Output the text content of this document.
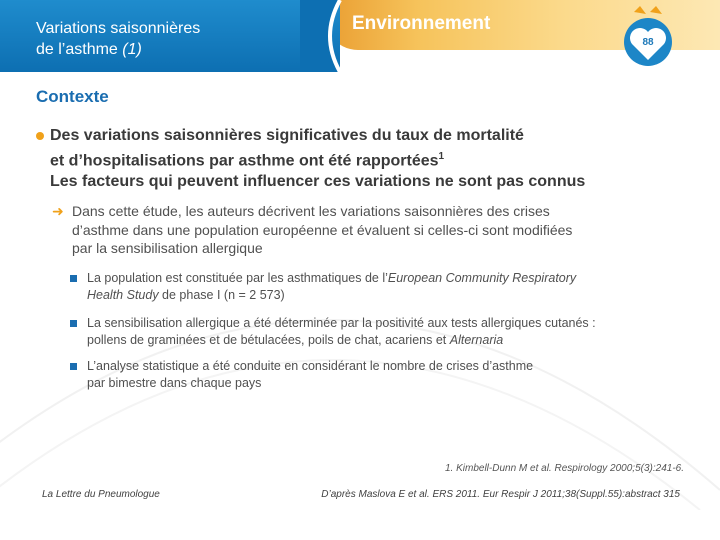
Variations saisonnières
de l’asthme (1)
Environnement
88
Contexte
Des variations saisonnières significatives du taux de mortalité
et d’hospitalisations par asthme ont été rapportées$^1$
Les facteurs qui peuvent influencer ces variations ne sont pas connus
➜ Dans cette étude, les auteurs décrivent les variations saisonnières des crises
d’asthme dans une population européenne et évaluent si celles-ci sont modifiées
par la sensibilisation allergique
La population est constituée par les asthmatiques de l’European Community Respiratory
Health Study de phase I (n = 2 573)
La sensibilisation allergique a été déterminée par la positivité aux tests allergiques cutanés :
pollens de graminées et de bétulacées, poils de chat, acariens et Alternaria
L’analyse statistique a été conduite en considérant le nombre de crises d’asthme
par bimestre dans chaque pays
1. Kimbell-Dunn M et al. Respirology 2000;5(3):241-6.
La Lettre du Pneumologue	D’après Maslova E et al. ERS 2011. Eur Respir J 2011;38(Suppl.55):abstract 315
